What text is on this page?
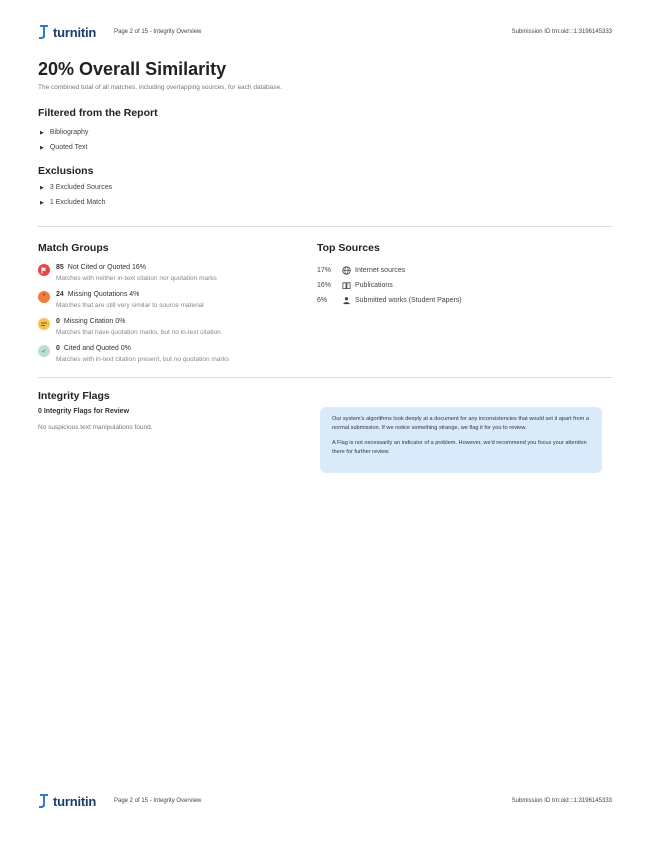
turnitin	Page 2 of 15 - Integrity Overview	Submission ID trn:oid:::1:3196145333
20% Overall Similarity
The combined total of all matches, including overlapping sources, for each database.
Filtered from the Report
▶ Bibliography
▶ Quoted Text
Exclusions
▶ 3 Excluded Sources
▶ 1 Excluded Match
Match Groups
85 Not Cited or Quoted 16%
Matches with neither in-text citation nor quotation marks
“	24 Missing Quotations 4%
Matches that are still very similar to source material
0 Missing Citation 0%
Matches that have quotation marks, but no in-text citation
✓	0 Cited and Quoted 0%
Matches with in-text citation present, but no quotation marks
Top Sources
17%	Internet sources
16%	Publications
6%	Submitted works (Student Papers)
Integrity Flags
0 Integrity Flags for Review
No suspicious text manipulations found.

Our system's algorithms look deeply at a document for any inconsistencies that would set it apart from a normal submission. If we notice something strange, we flag it for you to review.

A Flag is not necessarily an indicator of a problem. However, we'd recommend you focus your attention there for further review.

turnitin	Page 2 of 15 - Integrity Overview	Submission ID trn:oid:::1:3196145333
